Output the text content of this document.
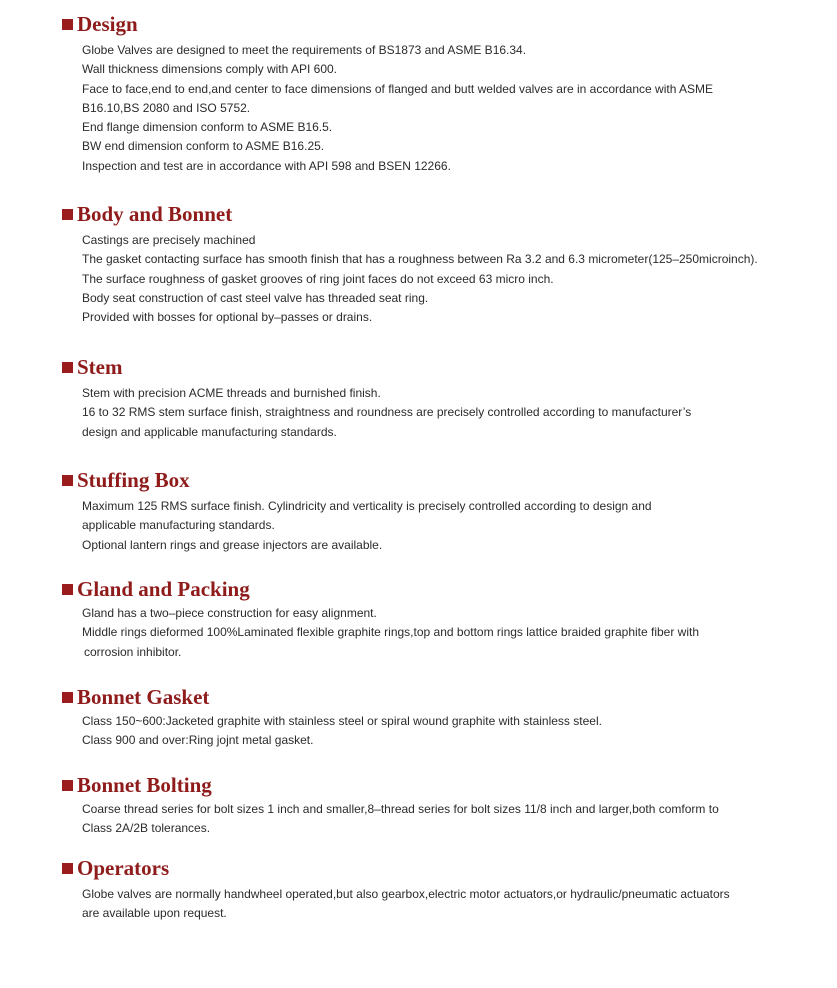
Design
Globe Valves are designed to meet the requirements of BS1873 and ASME B16.34.
Wall thickness dimensions comply with API 600.
Face to face,end to end,and center to face dimensions of flanged and butt welded valves are in accordance with ASME
B16.10,BS 2080 and ISO 5752.
End flange dimension conform to ASME B16.5.
BW end dimension conform to ASME B16.25.
Inspection and test are in accordance with API 598 and BSEN 12266.
Body and Bonnet
Castings are precisely machined
The gasket contacting surface has smooth finish that has a roughness between Ra 3.2 and 6.3 micrometer(125–250microinch).
The surface roughness of gasket grooves of ring joint faces do not exceed 63 micro inch.
Body seat construction of cast steel valve has threaded seat ring.
Provided with bosses for optional by–passes or drains.
Stem
Stem with precision ACME threads and burnished finish.
16 to 32 RMS stem surface finish, straightness and roundness are precisely controlled according to manufacturer’s
design and applicable manufacturing standards.
Stuffing Box
Maximum 125 RMS surface finish. Cylindricity and verticality is precisely controlled according to design and
applicable manufacturing standards.
Optional lantern rings and grease injectors are available.
Gland and Packing
Gland has a two–piece construction for easy alignment.
Middle rings dieformed 100%Laminated flexible graphite rings,top and bottom rings lattice braided graphite fiber with
corrosion inhibitor.
Bonnet Gasket
Class 150~600:Jacketed graphite with stainless steel or spiral wound graphite with stainless steel.
Class 900 and over:Ring jojnt metal gasket.
Bonnet Bolting
Coarse thread series for bolt sizes 1 inch and smaller,8–thread series for bolt sizes 11/8 inch and larger,both comform to
Class 2A/2B tolerances.
Operators
Globe valves are normally handwheel operated,but also gearbox,electric motor actuators,or hydraulic/pneumatic actuators
are available upon request.
